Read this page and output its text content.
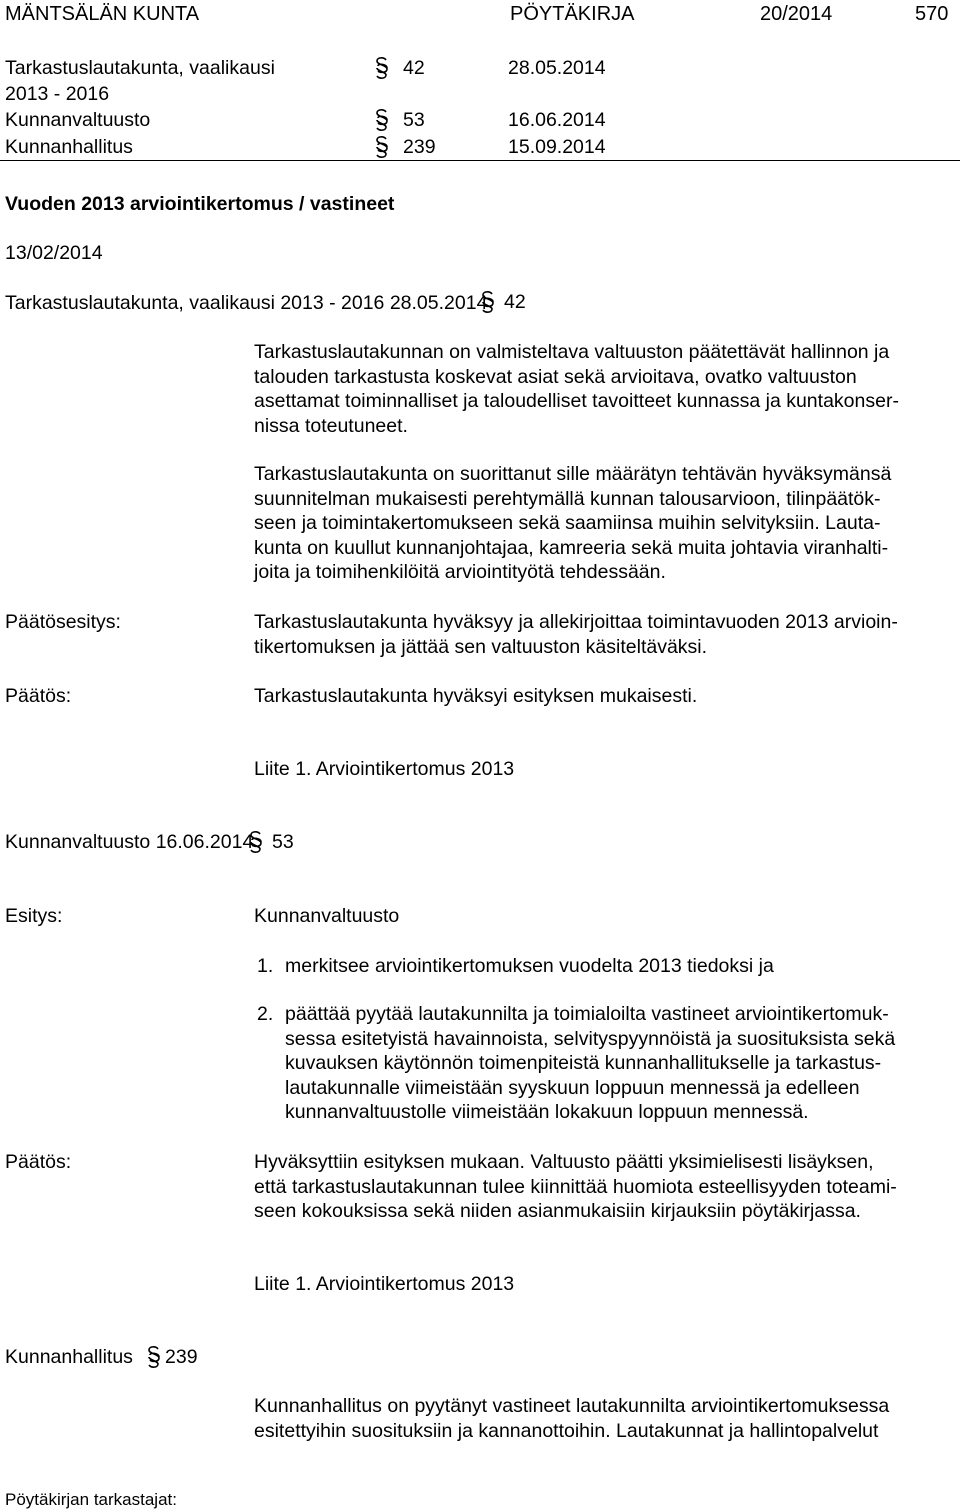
MÄNTSÄLÄN KUNTA	PÖYTÄKIRJA	20/2014	570
Tarkastuslautakunta, vaalikausi
2013 - 2016
42	28.05.2014
Kunnanvaltuusto	53	16.06.2014
Kunnanhallitus	239	15.09.2014
Vuoden 2013 arviointikertomus / vastineet
13/02/2014
Tarkastuslautakunta, vaalikausi 2013 - 2016 28.05.2014 42
Tarkastuslautakunnan on valmisteltava valtuuston päätettävät hallinnon ja
talouden tarkastusta koskevat asiat sekä arvioitava, ovatko valtuuston
asettamat toiminnalliset ja taloudelliset tavoitteet kunnassa ja kuntakonser-
nissa toteutuneet.
Tarkastuslautakunta on suorittanut sille määrätyn tehtävän hyväksymänsä
suunnitelman mukaisesti perehtymällä kunnan talousarvioon, tilinpäätök-
seen ja toimintakertomukseen sekä saamiinsa muihin selvityksiin. Lauta-
kunta on kuullut kunnanjohtajaa, kamreeria sekä muita johtavia viranhalti-
joita ja toimihenkilöitä arviointityötä tehdessään.
Päätösesitys:	Tarkastuslautakunta hyväksyy ja allekirjoittaa toimintavuoden 2013 arvioin-
tikertomuksen ja jättää sen valtuuston käsiteltäväksi.
Päätös:	Tarkastuslautakunta hyväksyi esityksen mukaisesti.
Liite 1. Arviointikertomus 2013
Kunnanvaltuusto 16.06.2014 53
Esitys:	Kunnanvaltuusto
1. merkitsee arviointikertomuksen vuodelta 2013 tiedoksi ja
2. päättää pyytää lautakunnilta ja toimialoilta vastineet arviointikertomuk-
sessa esitetyistä havainnoista, selvityspyynnöistä ja suosituksista sekä
kuvauksen käytönnön toimenpiteistä kunnanhallitukselle ja tarkastus-
lautakunnalle viimeistään syyskuun loppuun mennessä ja edelleen
kunnanvaltuustolle viimeistään lokakuun loppuun mennessä.
Päätös:	Hyväksyttiin esityksen mukaan. Valtuusto päätti yksimielisesti lisäyksen,
että tarkastuslautakunnan tulee kiinnittää huomiota esteellisyyden toteami-
seen kokouksissa sekä niiden asianmukaisiin kirjauksiin pöytäkirjassa.
Liite 1. Arviointikertomus 2013
Kunnanhallitus 239
Kunnanhallitus on pyytänyt vastineet lautakunnilta arviointikertomuksessa
esitettyihin suosituksiin ja kannanottoihin. Lautakunnat ja hallintopalvelut
Pöytäkirjan tarkastajat:
